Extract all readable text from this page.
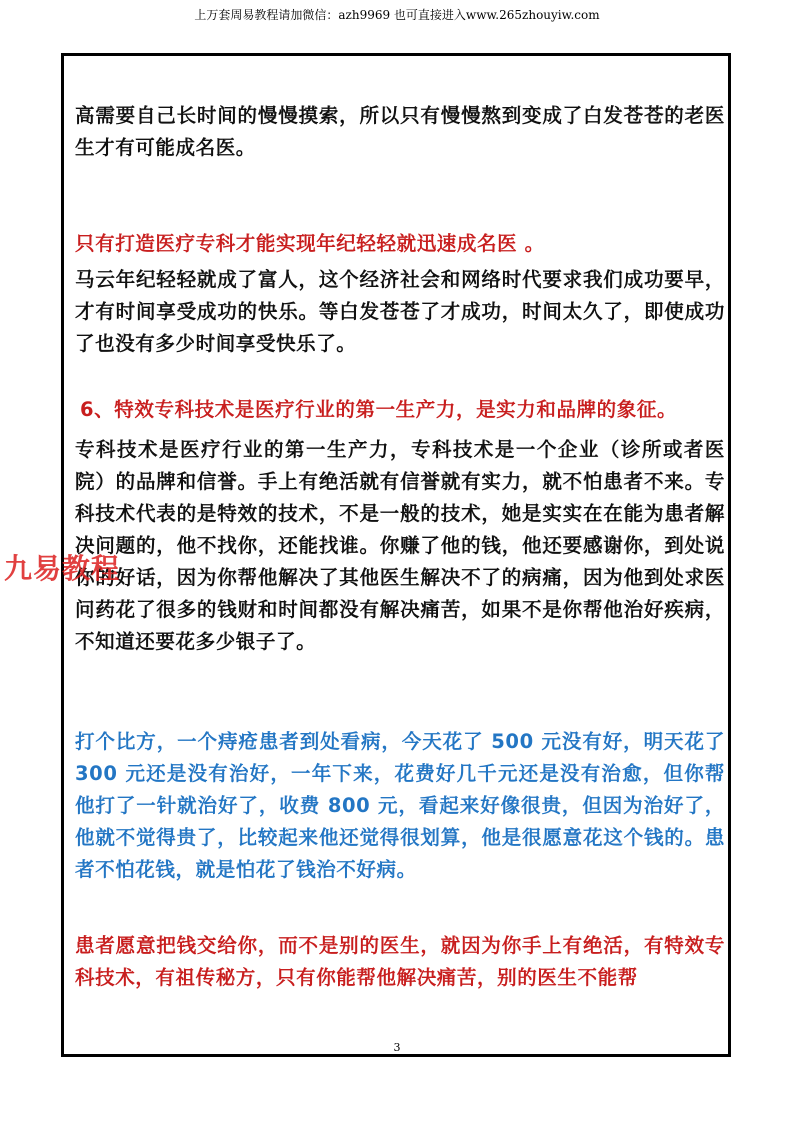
上万套周易教程请加微信：azh9969 也可直接进入www.265zhouyiw.com

高需要自己长时间的慢慢摸索，所以只有慢慢熬到变成了白发苍苍的老医生才有可能成名医。

只有打造医疗专科才能实现年纪轻轻就迅速成名医 。

马云年纪轻轻就成了富人，这个经济社会和网络时代要求我们成功要早，才有时间享受成功的快乐。等白发苍苍了才成功，时间太久了，即使成功了也没有多少时间享受快乐了。

6、特效专科技术是医疗行业的第一生产力，是实力和品牌的象征。

专科技术是医疗行业的第一生产力，专科技术是一个企业（诊所或者医院）的品牌和信誉。手上有绝活就有信誉就有实力，就不怕患者不来。专科技术代表的是特效的技术，不是一般的技术，她是实实在在能为患者解决问题的，他不找你，还能找谁。你赚了他的钱，他还要感谢你，到处说你的好话，因为你帮他解决了其他医生解决不了的病痛，因为他到处求医问药花了很多的钱财和时间都没有解决痛苦，如果不是你帮他治好疾病，不知道还要花多少银子了。

打个比方，一个痔疮患者到处看病，今天花了 500 元没有好，明天花了 300 元还是没有治好，一年下来，花费好几千元还是没有治愈，但你帮他打了一针就治好了，收费 800 元，看起来好像很贵，但因为治好了，他就不觉得贵了，比较起来他还觉得很划算，他是很愿意花这个钱的。患者不怕花钱，就是怕花了钱治不好病。

患者愿意把钱交给你，而不是别的医生，就因为你手上有绝活，有特效专科技术，有祖传秘方，只有你能帮他解决痛苦，别的医生不能帮

九易教程
3
